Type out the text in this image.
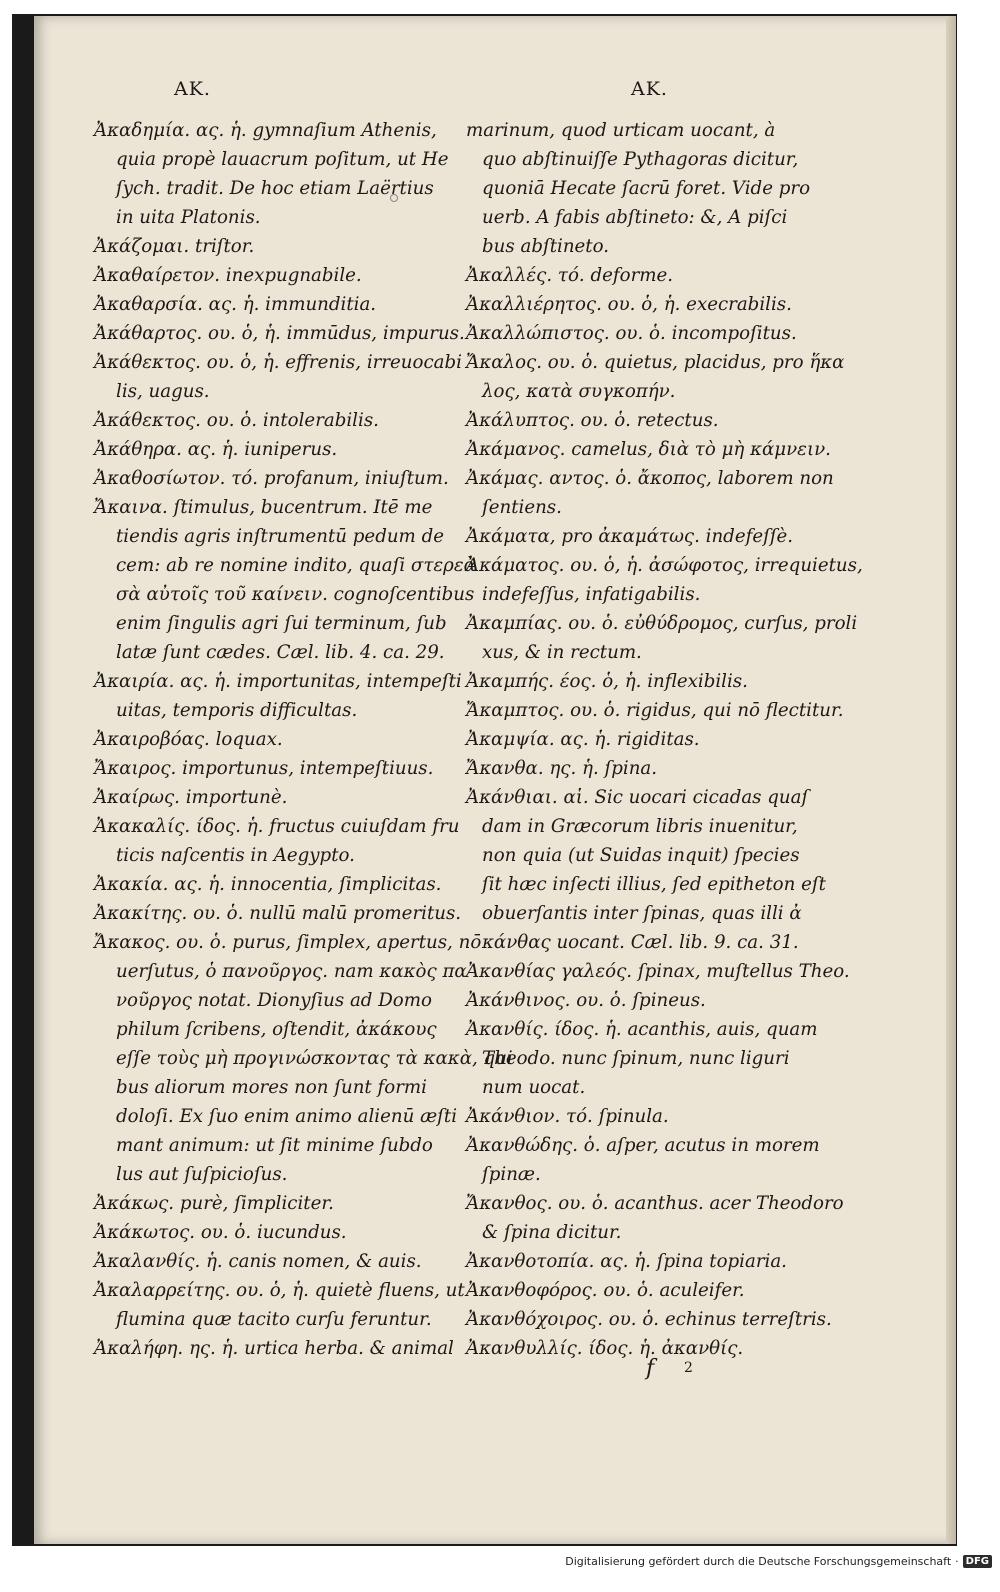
AK.
Ἀκαδημία. ας. ἡ. gymnaſium Athenis,
quia propè lauacrum poſitum, ut He
ſych. tradit. De hoc etiam Laërtius
in uita Platonis.
Ἀκάζομαι. triſtor.
Ἀκαθαίρετον. inexpugnabile.
Ἀκαθαρσία. ας. ἡ. immunditia.
Ἀκάθαρτος. ου. ὁ, ἡ. immūdus, impurus.
Ἀκάθεκτος. ου. ὁ, ἡ. effrenis, irreuocabi
lis, uagus.
Ἀκάθεκτος. ου. ὁ. intolerabilis.
Ἀκάθηρα. ας. ἡ. iuniperus.
Ἀκαθοσίωτον. τό. profanum, iniuſtum.
Ἄκαινα. ſtimulus, bucentrum. Itē me
tiendis agris inſtrumentū pedum de
cem: ab re nomine indito, quaſi στερεὰ
σὰ αὐτοῖς τοῦ καίνειν. cognoſcentibus
enim ſingulis agri ſui terminum, ſub
latæ ſunt cædes. Cæl. lib. 4. ca. 29.
Ἀκαιρία. ας. ἡ. importunitas, intempeſti
uitas, temporis difficultas.
Ἀκαιροβόας. loquax.
Ἄκαιρος. importunus, intempeſtiuus.
Ἀκαίρως. importunè.
Ἀκακαλίς. ίδος. ἡ. fructus cuiuſdam fru
ticis naſcentis in Aegypto.
Ἀκακία. ας. ἡ. innocentia, ſimplicitas.
Ἀκακίτης. ου. ὁ. nullū malū promeritus.
Ἄκακος. ου. ὁ. purus, ſimplex, apertus, nō
uerſutus, ὁ πανοῦργος. nam κακὸς πα
νοῦργος notat. Dionyſius ad Domo
philum ſcribens, oſtendit, ἀκάκους
eſſe τοὺς μὴ προγινώσκοντας τὰ κακὰ, qui
bus aliorum mores non ſunt formi
doloſi. Ex ſuo enim animo alienū æſti
mant animum: ut ſit minime ſubdo
lus aut ſuſpicioſus.
Ἀκάκως. purè, ſimpliciter.
Ἀκάκωτος. ου. ὁ. iucundus.
Ἀκαλανθίς. ἡ. canis nomen, & auis.
Ἀκαλαρρείτης. ου. ὁ, ἡ. quietè fluens, ut
flumina quæ tacito curſu feruntur.
Ἀκαλήφη. ης. ἡ. urtica herba. & animal
AK.
marinum, quod urticam uocant, à
quo abſtinuiſſe Pythagoras dicitur,
quoniā Hecate ſacrū foret. Vide pro
uerb. A fabis abſtineto: &, A piſci
bus abſtineto.
Ἀκαλλές. τό. deforme.
Ἀκαλλιέρητος. ου. ὁ, ἡ. execrabilis.
Ἀκαλλώπιστος. ου. ὁ. incompoſitus.
Ἄκαλος. ου. ὁ. quietus, placidus, pro ἥκα
λος, κατὰ συγκοπήν.
Ἀκάλυπτος. ου. ὁ. retectus.
Ἀκάμανος. camelus, διὰ τὸ μὴ κάμνειν.
Ἀκάμας. αντος. ὁ. ἄκοπος, laborem non
ſentiens.
Ἀκάματα, pro ἀκαμάτως. indefeſſè.
Ἀκάματος. ου. ὁ, ἡ. ἀσώφοτος, irrequietus,
indefeſſus, infatigabilis.
Ἀκαμπίας. ου. ὁ. εὐθύδρομος, curſus, proli
xus, & in rectum.
Ἀκαμπής. έος. ὁ, ἡ. inflexibilis.
Ἄκαμπτος. ου. ὁ. rigidus, qui nō flectitur.
Ἀκαμψία. ας. ἡ. rigiditas.
Ἄκανθα. ης. ἡ. ſpina.
Ἀκάνθιαι. αἱ. Sic uocari cicadas quaſ
dam in Græcorum libris inuenitur,
non quia (ut Suidas inquit) ſpecies
ſit hæc inſecti illius, ſed epitheton eſt
obuerſantis inter ſpinas, quas illi ἀ
κάνθας uocant. Cæl. lib. 9. ca. 31.
Ἀκανθίας γαλεός. ſpinax, muſtellus Theo.
Ἀκάνθινος. ου. ὁ. ſpineus.
Ἀκανθίς. ίδος. ἡ. acanthis, auis, quam
Theodo. nunc ſpinum, nunc liguri
num uocat.
Ἀκάνθιον. τό. ſpinula.
Ἀκανθώδης. ὁ. aſper, acutus in morem
ſpinæ.
Ἄκανθος. ου. ὁ. acanthus. acer Theodoro
& ſpina dicitur.
Ἀκανθοτοπία. ας. ἡ. ſpina topiaria.
Ἀκανθοφόρος. ου. ὁ. aculeifer.
Ἀκανθόχοιρος. ου. ὁ. echinus terreſtris.
Ἀκανθυλλίς. ίδος. ἡ. ἀκανθίς.
f 2
Digitalisierung gefördert durch die Deutsche Forschungsgemeinschaft · DFG
